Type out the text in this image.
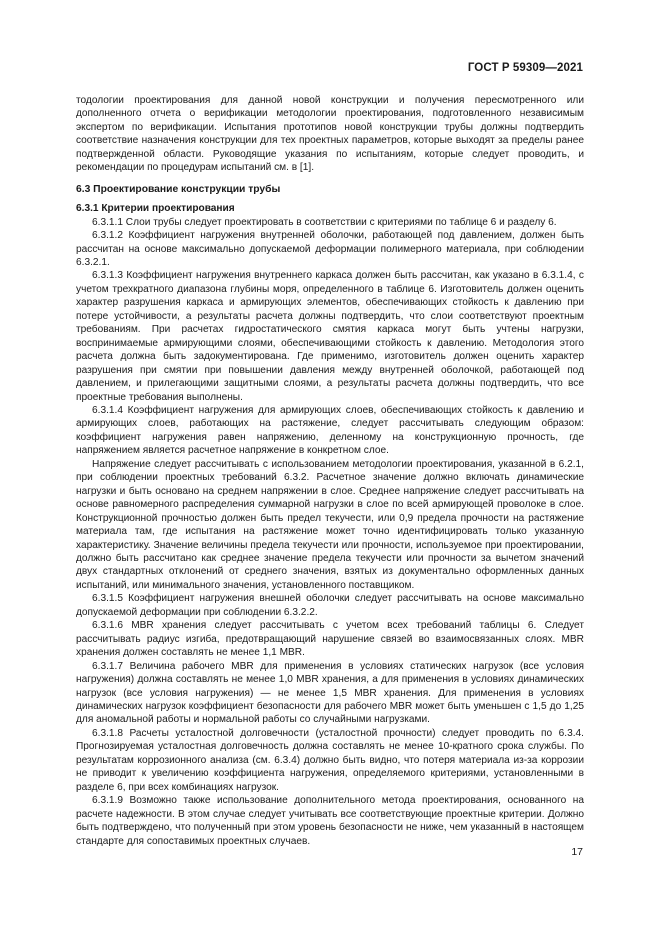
ГОСТ Р 59309—2021

тодологии проектирования для данной новой конструкции и получения пересмотренного или дополненного отчета о верификации методологии проектирования, подготовленного независимым экспертом по верификации. Испытания прототипов новой конструкции трубы должны подтвердить соответствие назначения конструкции для тех проектных параметров, которые выходят за пределы ранее подтвержденной области. Руководящие указания по испытаниям, которые следует проводить, и рекомендации по процедурам испытаний см. в [1].

6.3 Проектирование конструкции трубы
6.3.1 Критерии проектирования

6.3.1.1 Слои трубы следует проектировать в соответствии с критериями по таблице 6 и разделу 6.

6.3.1.2 Коэффициент нагружения внутренней оболочки, работающей под давлением, должен быть рассчитан на основе максимально допускаемой деформации полимерного материала, при соблюдении 6.3.2.1.

6.3.1.3 Коэффициент нагружения внутреннего каркаса должен быть рассчитан, как указано в 6.3.1.4, с учетом трехкратного диапазона глубины моря, определенного в таблице 6. Изготовитель должен оценить характер разрушения каркаса и армирующих элементов, обеспечивающих стойкость к давлению при потере устойчивости, а результаты расчета должны подтвердить, что слои соответствуют проектным требованиям. При расчетах гидростатического смятия каркаса могут быть учтены нагрузки, воспринимаемые армирующими слоями, обеспечивающими стойкость к давлению. Методология этого расчета должна быть задокументирована. Где применимо, изготовитель должен оценить характер разрушения при смятии при повышении давления между внутренней оболочкой, работающей под давлением, и прилегающими защитными слоями, а результаты расчета должны подтвердить, что все проектные требования выполнены.

6.3.1.4 Коэффициент нагружения для армирующих слоев, обеспечивающих стойкость к давлению и армирующих слоев, работающих на растяжение, следует рассчитывать следующим образом: коэффициент нагружения равен напряжению, деленному на конструкционную прочность, где напряжением является расчетное напряжение в конкретном слое.

Напряжение следует рассчитывать с использованием методологии проектирования, указанной в 6.2.1, при соблюдении проектных требований 6.3.2. Расчетное значение должно включать динамические нагрузки и быть основано на среднем напряжении в слое. Среднее напряжение следует рассчитывать на основе равномерного распределения суммарной нагрузки в слое по всей армирующей проволоке в слое. Конструкционной прочностью должен быть предел текучести, или 0,9 предела прочности на растяжение материала там, где испытания на растяжение может точно идентифицировать только указанную характеристику. Значение величины предела текучести или прочности, используемое при проектировании, должно быть рассчитано как среднее значение предела текучести или прочности за вычетом значений двух стандартных отклонений от среднего значения, взятых из документально оформленных данных испытаний, или минимального значения, установленного поставщиком.

6.3.1.5 Коэффициент нагружения внешней оболочки следует рассчитывать на основе максимально допускаемой деформации при соблюдении 6.3.2.2.

6.3.1.6 MBR хранения следует рассчитывать с учетом всех требований таблицы 6. Следует рассчитывать радиус изгиба, предотвращающий нарушение связей во взаимосвязанных слоях. MBR хранения должен составлять не менее 1,1 MBR.

6.3.1.7 Величина рабочего MBR для применения в условиях статических нагрузок (все условия нагружения) должна составлять не менее 1,0 MBR хранения, а для применения в условиях динамических нагрузок (все условия нагружения) — не менее 1,5 MBR хранения. Для применения в условиях динамических нагрузок коэффициент безопасности для рабочего MBR может быть уменьшен с 1,5 до 1,25 для аномальной работы и нормальной работы со случайными нагрузками.

6.3.1.8 Расчеты усталостной долговечности (усталостной прочности) следует проводить по 6.3.4. Прогнозируемая усталостная долговечность должна составлять не менее 10-кратного срока службы. По результатам коррозионного анализа (см. 6.3.4) должно быть видно, что потеря материала из-за коррозии не приводит к увеличению коэффициента нагружения, определяемого критериями, установленными в разделе 6, при всех комбинациях нагрузок.

6.3.1.9 Возможно также использование дополнительного метода проектирования, основанного на расчете надежности. В этом случае следует учитывать все соответствующие проектные критерии. Должно быть подтверждено, что полученный при этом уровень безопасности не ниже, чем указанный в настоящем стандарте для сопоставимых проектных случаев.

17
